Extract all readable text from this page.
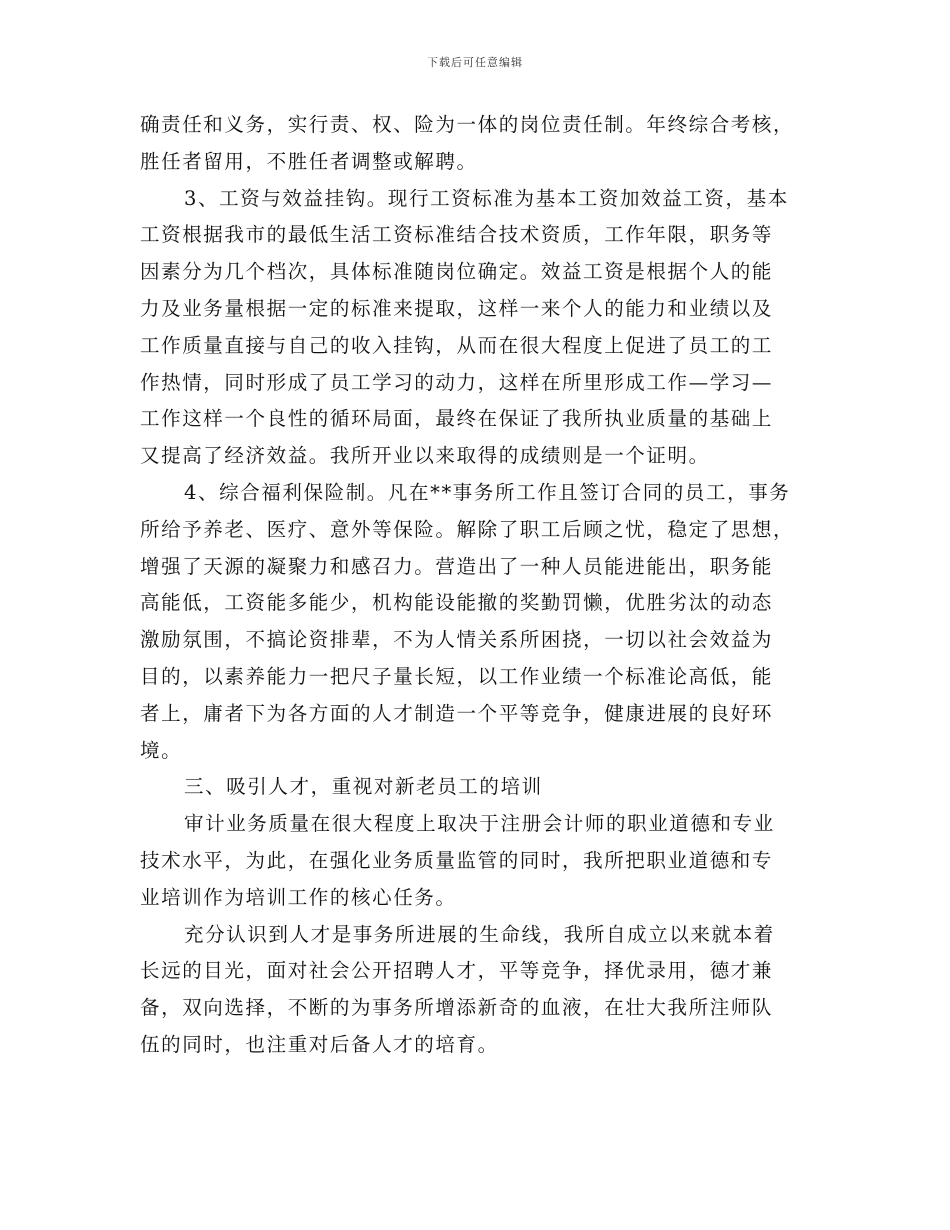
下载后可任意编辑
确责任和义务，实行责、权、险为一体的岗位责任制。年终综合考核，
胜任者留用，不胜任者调整或解聘。
3、工资与效益挂钩。现行工资标准为基本工资加效益工资，基本
工资根据我市的最低生活工资标准结合技术资质，工作年限，职务等
因素分为几个档次，具体标准随岗位确定。效益工资是根据个人的能
力及业务量根据一定的标准来提取，这样一来个人的能力和业绩以及
工作质量直接与自己的收入挂钩，从而在很大程度上促进了员工的工
作热情，同时形成了员工学习的动力，这样在所里形成工作—学习—
工作这样一个良性的循环局面，最终在保证了我所执业质量的基础上
又提高了经济效益。我所开业以来取得的成绩则是一个证明。
4、综合福利保险制。凡在**事务所工作且签订合同的员工，事务
所给予养老、医疗、意外等保险。解除了职工后顾之忧，稳定了思想，
增强了天源的凝聚力和感召力。营造出了一种人员能进能出，职务能
高能低，工资能多能少，机构能设能撤的奖勤罚懒，优胜劣汰的动态
激励氛围，不搞论资排辈，不为人情关系所困挠，一切以社会效益为
目的，以素养能力一把尺子量长短，以工作业绩一个标准论高低，能
者上，庸者下为各方面的人才制造一个平等竞争，健康进展的良好环
境。
三、吸引人才，重视对新老员工的培训
审计业务质量在很大程度上取决于注册会计师的职业道德和专业
技术水平，为此，在强化业务质量监管的同时，我所把职业道德和专
业培训作为培训工作的核心任务。
充分认识到人才是事务所进展的生命线，我所自成立以来就本着
长远的目光，面对社会公开招聘人才，平等竞争，择优录用，德才兼
备，双向选择，不断的为事务所增添新奇的血液，在壮大我所注师队
伍的同时，也注重对后备人才的培育。
